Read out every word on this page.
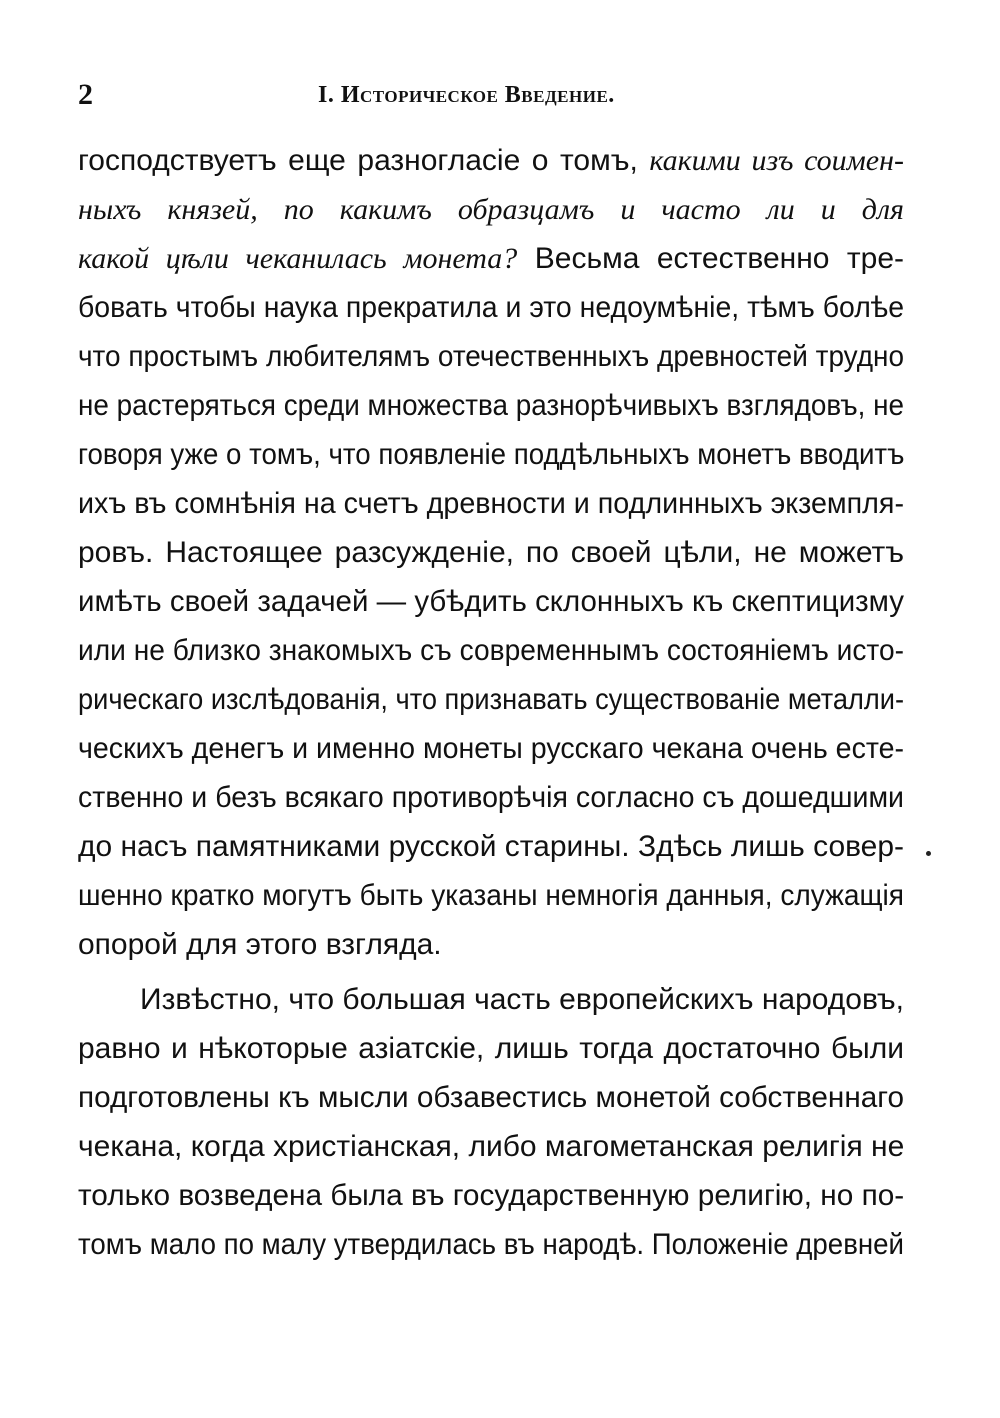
2	I. Историческое Введение.
господствуетъ еще разногласіе о томъ, какими изъ соимен-
ныхъ князей, по какимъ образцамъ и часто ли и для
какой цѣли чеканилась монета? Весьма естественно тре-
бовать чтобы наука прекратила и это недоумѣніе, тѣмъ болѣе
что простымъ любителямъ отечественныхъ древностей трудно
не растеряться среди множества разнорѣчивыхъ взглядовъ, не
говоря уже о томъ, что появленіе поддѣльныхъ монетъ вводитъ
ихъ въ сомнѣнія на счетъ древности и подлинныхъ экземпля-
ровъ. Настоящее разсужденіе, по своей цѣли, не можетъ
имѣть своей задачей — убѣдить склонныхъ къ скептицизму
или не близко знакомыхъ съ современнымъ состояніемъ исто-
рическаго изслѣдованія, что признавать существованіе металли-
ческихъ денегъ и именно монеты русскаго чекана очень есте-
ственно и безъ всякаго противорѣчія согласно съ дошедшими
до насъ памятниками русской старины. Здѣсь лишь совер-
шенно кратко могутъ быть указаны немногія данныя, служащія
опорой для этого взгляда.
Извѣстно, что большая часть европейскихъ народовъ,
равно и нѣкоторые азіатскіе, лишь тогда достаточно были
подготовлены къ мысли обзавестись монетой собственнаго
чекана, когда христіанская, либо магометанская религія не
только возведена была въ государственную религію, но по-
томъ мало по малу утвердилась въ народѣ. Положеніе древней
